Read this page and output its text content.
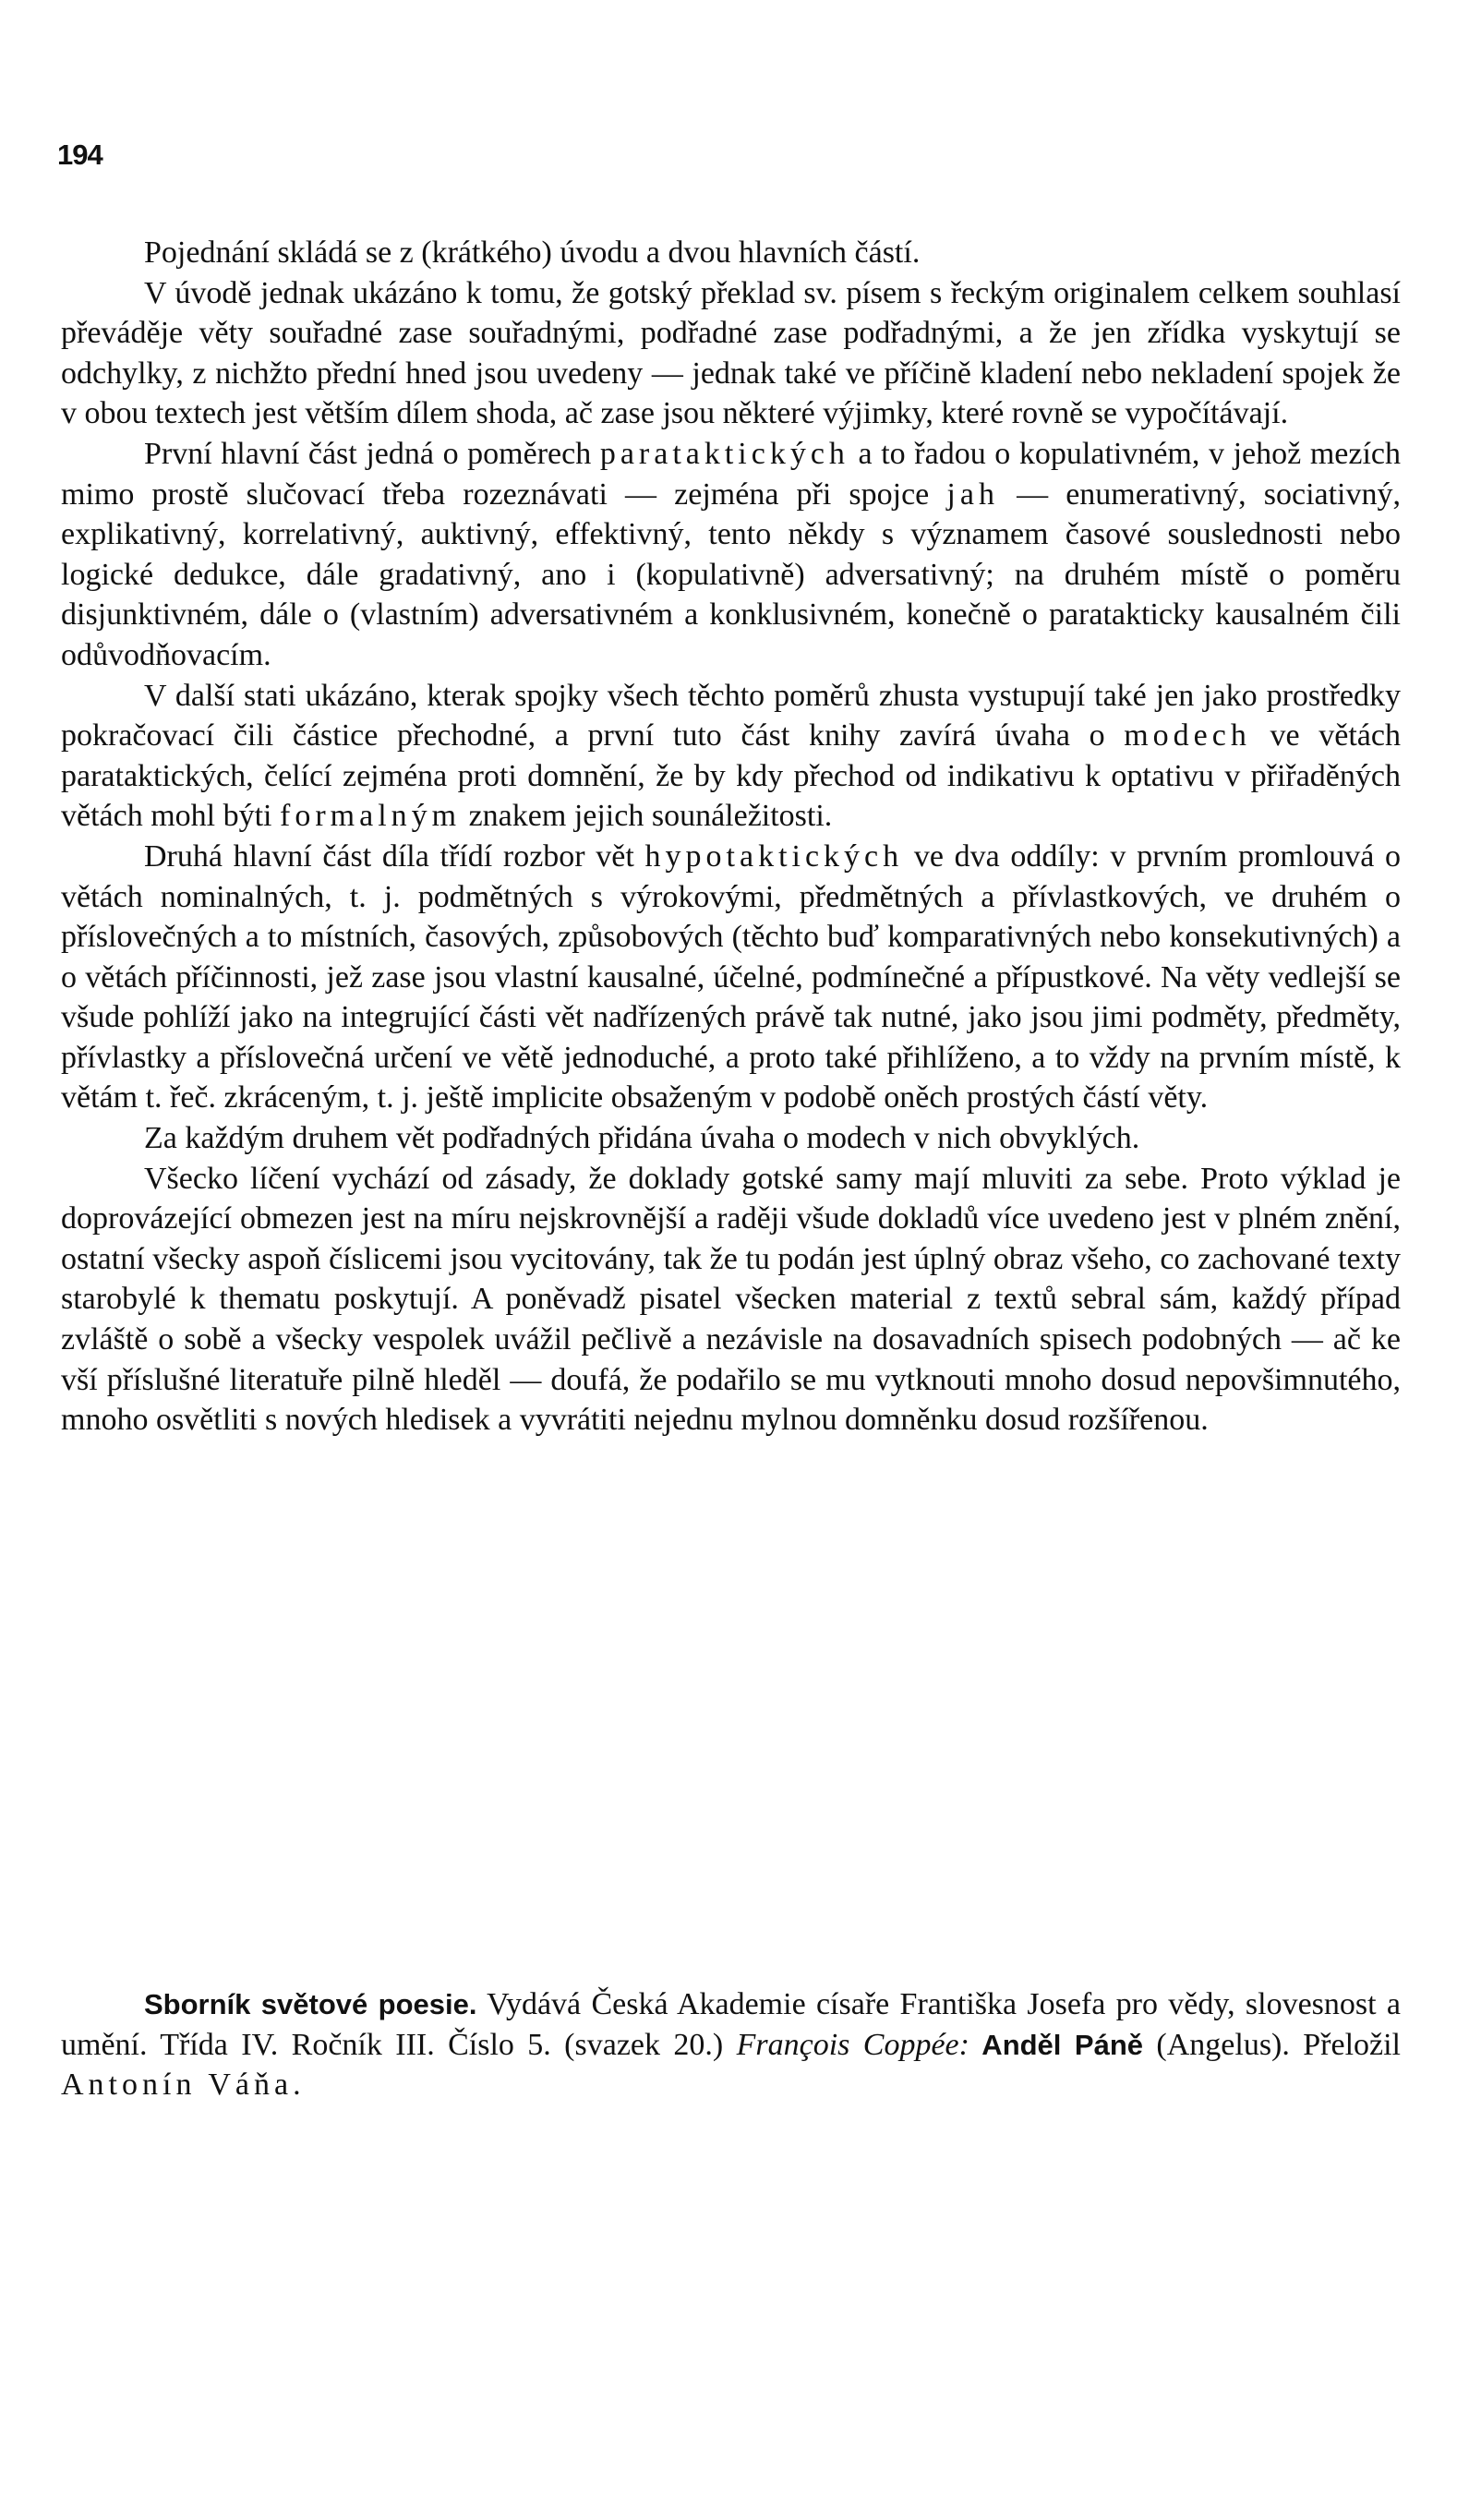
194

Pojednání skládá se z (krátkého) úvodu a dvou hlavních částí.

V úvodě jednak ukázáno k tomu, že gotský překlad sv. písem s řeckým originalem celkem souhlasí převáděje věty souřadné zase souřadnými, podřadné zase podřadnými, a že jen zřídka vyskytují se odchylky, z nichžto přední hned jsou uvedeny — jednak také ve příčině kladení nebo nekladení spojek že v obou textech jest větším dílem shoda, ač zase jsou některé výjimky, které rovně se vypočítávají.

První hlavní část jedná o poměrech parataktických a to řadou o kopulativném, v jehož mezích mimo prostě slučovací třeba rozeznávati — zejména při spojce jah — enumerativný, sociativný, explikativný, korrelativný, auktivný, effektivný, tento někdy s významem časové souslednosti nebo logické dedukce, dále gradativný, ano i (kopulativně) adversativný; na druhém místě o poměru disjunktivném, dále o (vlastním) adversativném a konklusivném, konečně o paratakticky kausalném čili odůvodňovacím.

V další stati ukázáno, kterak spojky všech těchto poměrů zhusta vystupují také jen jako prostředky pokračovací čili částice přechodné, a první tuto část knihy zavírá úvaha o modech ve větách parataktických, čelící zejména proti domnění, že by kdy přechod od indikativu k optativu v přiřaděných větách mohl býti formalným znakem jejich sounáležitosti.

Druhá hlavní část díla třídí rozbor vět hypotaktických ve dva oddíly: v prvním promlouvá o větách nominalných, t. j. podmětných s výrokovými, předmětných a přívlastkových, ve druhém o příslovečných a to místních, časových, způsobových (těchto buď komparativných nebo konsekutivných) a o větách příčinnosti, jež zase jsou vlastní kausalné, účelné, podmínečné a přípustkové. Na věty vedlejší se všude pohlíží jako na integrující části vět nadřízených právě tak nutné, jako jsou jimi podměty, předměty, přívlastky a příslovečná určení ve větě jednoduché, a proto také přihlíženo, a to vždy na prvním místě, k větám t. řeč. zkráceným, t. j. ještě implicite obsaženým v podobě oněch prostých částí věty.

Za každým druhem vět podřadných přidána úvaha o modech v nich obvyklých.

Všecko líčení vychází od zásady, že doklady gotské samy mají mluviti za sebe. Proto výklad je doprovázející obmezen jest na míru nejskrovnější a raději všude dokladů více uvedeno jest v plném znění, ostatní všecky aspoň číslicemi jsou vycitovány, tak že tu podán jest úplný obraz všeho, co zachované texty starobylé k thematu poskytují. A poněvadž pisatel všecken material z textů sebral sám, každý případ zvláště o sobě a všecky vespolek uvážil pečlivě a nezávisle na dosavadních spisech podobných — ač ke vší příslušné literatuře pilně hleděl — doufá, že podařilo se mu vytknouti mnoho dosud nepovšimnutého, mnoho osvětliti s nových hledisek a vyvrátiti nejednu mylnou domněnku dosud rozšířenou.

Sborník světové poesie. Vydává Česká Akademie císaře Františka Josefa pro vědy, slovesnost a umění. Třída IV. Ročník III. Číslo 5. (svazek 20.) François Coppée: Anděl Páně (Angelus). Přeložil Antonín Váňa.
